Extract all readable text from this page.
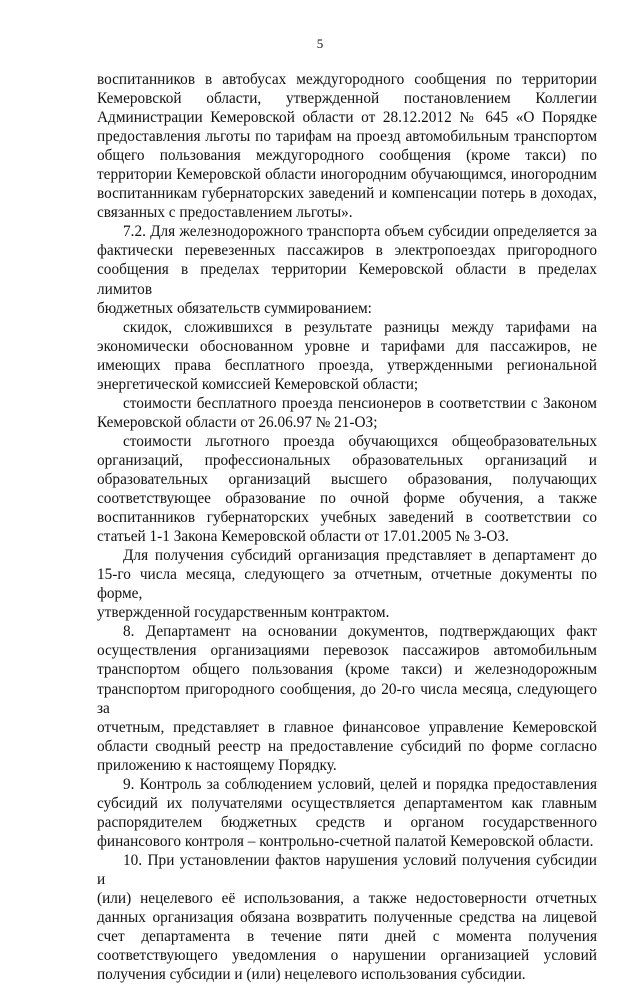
5

воспитанников в автобусах междугородного сообщения по территории

Кемеровской области, утвержденной постановлением Коллегии

Администрации Кемеровской области от 28.12.2012 № 645 «О Порядке

предоставления льготы по тарифам на проезд автомобильным транспортом

общего пользования междугородного сообщения (кроме такси) по

территории Кемеровской области иногородним обучающимся, иногородним

воспитанникам губернаторских заведений и компенсации потерь в доходах,

связанных с предоставлением льготы».

7.2. Для железнодорожного транспорта объем субсидии определяется за

фактически перевезенных пассажиров в электропоездах пригородного

сообщения в пределах территории Кемеровской области в пределах лимитов

бюджетных обязательств суммированием:

скидок, сложившихся в результате разницы между тарифами на

экономически обоснованном уровне и тарифами для пассажиров, не

имеющих права бесплатного проезда, утвержденными региональной

энергетической комиссией Кемеровской области;

стоимости бесплатного проезда пенсионеров в соответствии с Законом

Кемеровской области от 26.06.97 № 21-ОЗ;

стоимости льготного проезда обучающихся общеобразовательных

организаций, профессиональных образовательных организаций и

образовательных организаций высшего образования, получающих

соответствующее образование по очной форме обучения, а также

воспитанников губернаторских учебных заведений в соответствии со

статьей 1-1 Закона Кемеровской области от 17.01.2005 № 3-ОЗ.

Для получения субсидий организация представляет в департамент до

15-го числа месяца, следующего за отчетным, отчетные документы по форме,

утвержденной государственным контрактом.

8. Департамент на основании документов, подтверждающих факт

осуществления организациями перевозок пассажиров автомобильным

транспортом общего пользования (кроме такси) и железнодорожным

транспортом пригородного сообщения, до 20-го числа месяца, следующего за

отчетным, представляет в главное финансовое управление Кемеровской

области сводный реестр на предоставление субсидий по форме согласно

приложению к настоящему Порядку.

9. Контроль за соблюдением условий, целей и порядка предоставления

субсидий их получателями осуществляется департаментом как главным

распорядителем бюджетных средств и органом государственного

финансового контроля – контрольно-счетной палатой Кемеровской области.

10. При установлении фактов нарушения условий получения субсидии и

(или) нецелевого её использования, а также недостоверности отчетных

данных организация обязана возвратить полученные средства на лицевой

счет департамента в течение пяти дней с момента получения

соответствующего уведомления о нарушении организацией условий

получения субсидии и (или) нецелевого использования субсидии.
